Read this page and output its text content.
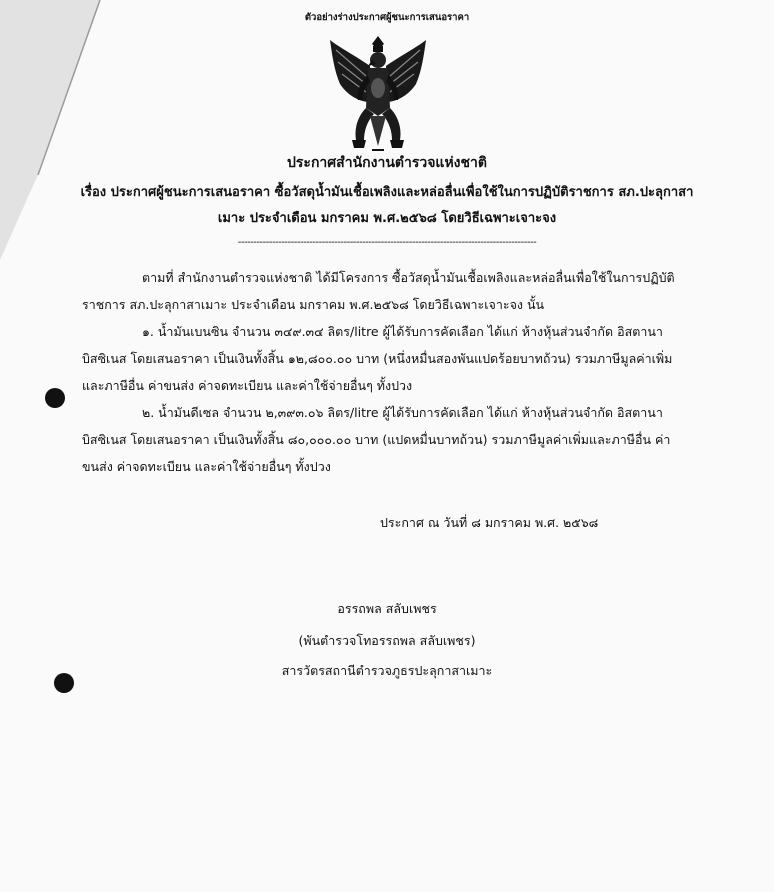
ตัวอย่างร่างประกาศผู้ชนะการเสนอราคา
ประกาศสำนักงานตำรวจแห่งชาติ
เรื่อง ประกาศผู้ชนะการเสนอราคา ซื้อวัสดุน้ำมันเชื้อเพลิงและหล่อลื่นเพื่อใช้ในการปฏิบัติราชการ สภ.ปะลุกาสา
เมาะ ประจำเดือน มกราคม พ.ศ.๒๕๖๘ โดยวิธีเฉพาะเจาะจง
------------------------------------------------------------------------------------------------

ตามที่ สำนักงานตำรวจแห่งชาติ ได้มีโครงการ ซื้อวัสดุน้ำมันเชื้อเพลิงและหล่อลื่นเพื่อใช้ในการปฏิบัติราชการ สภ.ปะลุกาสาเมาะ ประจำเดือน มกราคม พ.ศ.๒๕๖๘ โดยวิธีเฉพาะเจาะจง นั้น

๑. น้ำมันเบนซิน จำนวน ๓๔๙.๓๔ ลิตร/litre ผู้ได้รับการคัดเลือก ได้แก่ ห้างหุ้นส่วนจำกัด อิสตานา บิสซิเนส โดยเสนอราคา เป็นเงินทั้งสิ้น ๑๒,๘๐๐.๐๐ บาท (หนึ่งหมื่นสองพันแปดร้อยบาทถ้วน) รวมภาษีมูลค่าเพิ่มและภาษีอื่น ค่าขนส่ง ค่าจดทะเบียน และค่าใช้จ่ายอื่นๆ ทั้งปวง

๒. น้ำมันดีเซล จำนวน ๒,๓๙๓.๐๖ ลิตร/litre ผู้ได้รับการคัดเลือก ได้แก่ ห้างหุ้นส่วนจำกัด อิสตานา บิสซิเนส โดยเสนอราคา เป็นเงินทั้งสิ้น ๘๐,๐๐๐.๐๐ บาท (แปดหมื่นบาทถ้วน) รวมภาษีมูลค่าเพิ่มและภาษีอื่น ค่าขนส่ง ค่าจดทะเบียน และค่าใช้จ่ายอื่นๆ ทั้งปวง

ประกาศ ณ วันที่ ๘ มกราคม พ.ศ. ๒๕๖๘
อรรถพล สลับเพชร
(พันตำรวจโทอรรถพล สลับเพชร)
สารวัตรสถานีตำรวจภูธรปะลุกาสาเมาะ
